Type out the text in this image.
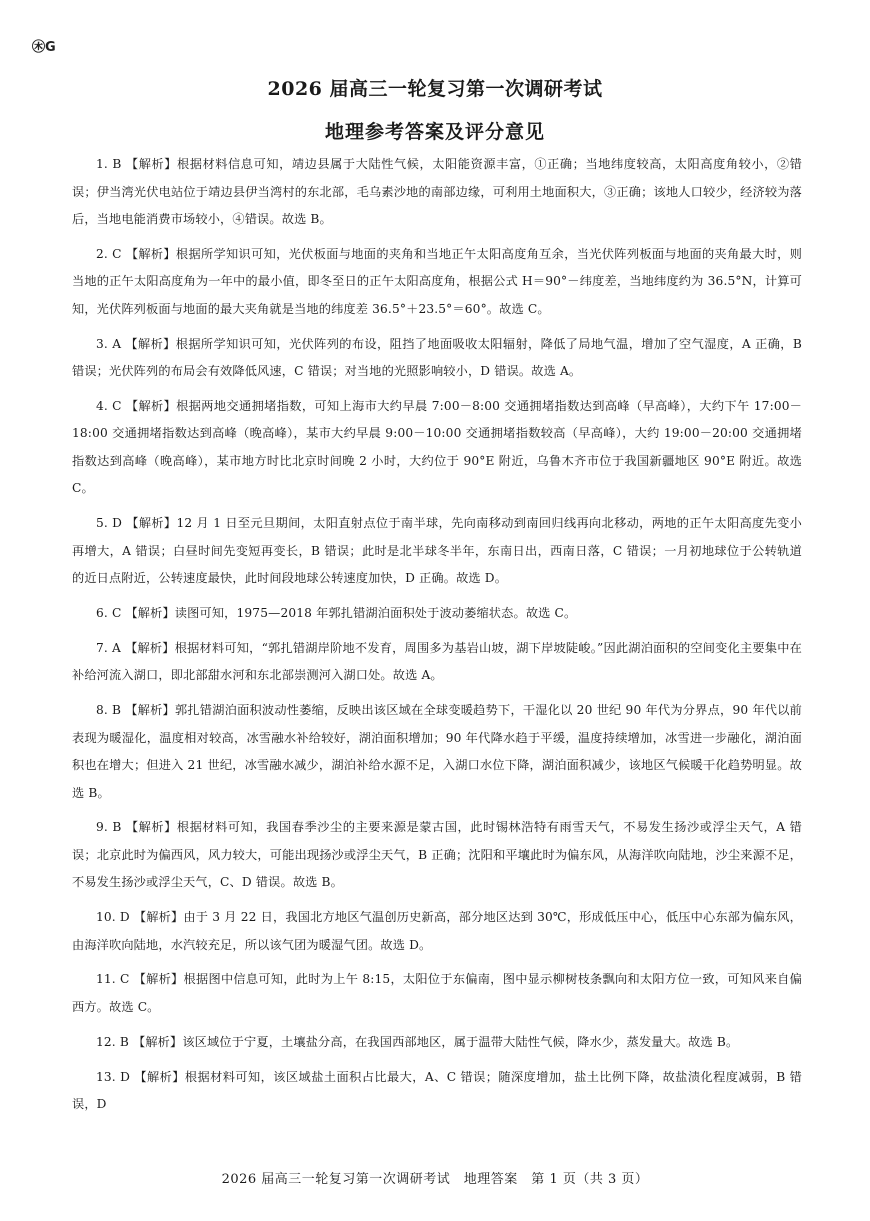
㊍G
2026 届高三一轮复习第一次调研考试
地理参考答案及评分意见

1. B 【解析】根据材料信息可知，靖边县属于大陆性气候，太阳能资源丰富，①正确；当地纬度较高，太阳高度角较小，②错误；伊当湾光伏电站位于靖边县伊当湾村的东北部，毛乌素沙地的南部边缘，可利用土地面积大，③正确；该地人口较少，经济较为落后，当地电能消费市场较小，④错误。故选 B。

2. C 【解析】根据所学知识可知，光伏板面与地面的夹角和当地正午太阳高度角互余，当光伏阵列板面与地面的夹角最大时，则当地的正午太阳高度角为一年中的最小值，即冬至日的正午太阳高度角，根据公式 H＝90°－纬度差，当地纬度约为 36.5°N，计算可知，光伏阵列板面与地面的最大夹角就是当地的纬度差 36.5°＋23.5°＝60°。故选 C。

3. A 【解析】根据所学知识可知，光伏阵列的布设，阻挡了地面吸收太阳辐射，降低了局地气温，增加了空气湿度，A 正确，B 错误；光伏阵列的布局会有效降低风速，C 错误；对当地的光照影响较小，D 错误。故选 A。

4. C 【解析】根据两地交通拥堵指数，可知上海市大约早晨 7:00－8:00 交通拥堵指数达到高峰（早高峰），大约下午 17:00－18:00 交通拥堵指数达到高峰（晚高峰），某市大约早晨 9:00－10:00 交通拥堵指数较高（早高峰），大约 19:00－20:00 交通拥堵指数达到高峰（晚高峰），某市地方时比北京时间晚 2 小时，大约位于 90°E 附近，乌鲁木齐市位于我国新疆地区 90°E 附近。故选 C。

5. D 【解析】12 月 1 日至元旦期间，太阳直射点位于南半球，先向南移动到南回归线再向北移动，两地的正午太阳高度先变小再增大，A 错误；白昼时间先变短再变长，B 错误；此时是北半球冬半年，东南日出，西南日落，C 错误；一月初地球位于公转轨道的近日点附近，公转速度最快，此时间段地球公转速度加快，D 正确。故选 D。

6. C 【解析】读图可知，1975—2018 年郭扎错湖泊面积处于波动萎缩状态。故选 C。

7. A 【解析】根据材料可知，“郭扎错湖岸阶地不发育，周围多为基岩山坡，湖下岸坡陡峻。”因此湖泊面积的空间变化主要集中在补给河流入湖口，即北部甜水河和东北部崇测河入湖口处。故选 A。

8. B 【解析】郭扎错湖泊面积波动性萎缩，反映出该区域在全球变暖趋势下，干湿化以 20 世纪 90 年代为分界点，90 年代以前表现为暖湿化，温度相对较高，冰雪融水补给较好，湖泊面积增加；90 年代降水趋于平缓，温度持续增加，冰雪进一步融化，湖泊面积也在增大；但进入 21 世纪，冰雪融水减少，湖泊补给水源不足，入湖口水位下降，湖泊面积减少，该地区气候暖干化趋势明显。故选 B。

9. B 【解析】根据材料可知，我国春季沙尘的主要来源是蒙古国，此时锡林浩特有雨雪天气，不易发生扬沙或浮尘天气，A 错误；北京此时为偏西风，风力较大，可能出现扬沙或浮尘天气，B 正确；沈阳和平壤此时为偏东风，从海洋吹向陆地，沙尘来源不足，不易发生扬沙或浮尘天气，C、D 错误。故选 B。

10. D 【解析】由于 3 月 22 日，我国北方地区气温创历史新高，部分地区达到 30℃，形成低压中心，低压中心东部为偏东风，由海洋吹向陆地，水汽较充足，所以该气团为暖湿气团。故选 D。

11. C 【解析】根据图中信息可知，此时为上午 8:15，太阳位于东偏南，图中显示柳树枝条飘向和太阳方位一致，可知风来自偏西方。故选 C。

12. B 【解析】该区域位于宁夏，土壤盐分高，在我国西部地区，属于温带大陆性气候，降水少，蒸发量大。故选 B。

13. D 【解析】根据材料可知，该区域盐土面积占比最大，A、C 错误；随深度增加，盐土比例下降，故盐渍化程度减弱，B 错误，D

2026 届高三一轮复习第一次调研考试　地理答案　第 1 页（共 3 页）
